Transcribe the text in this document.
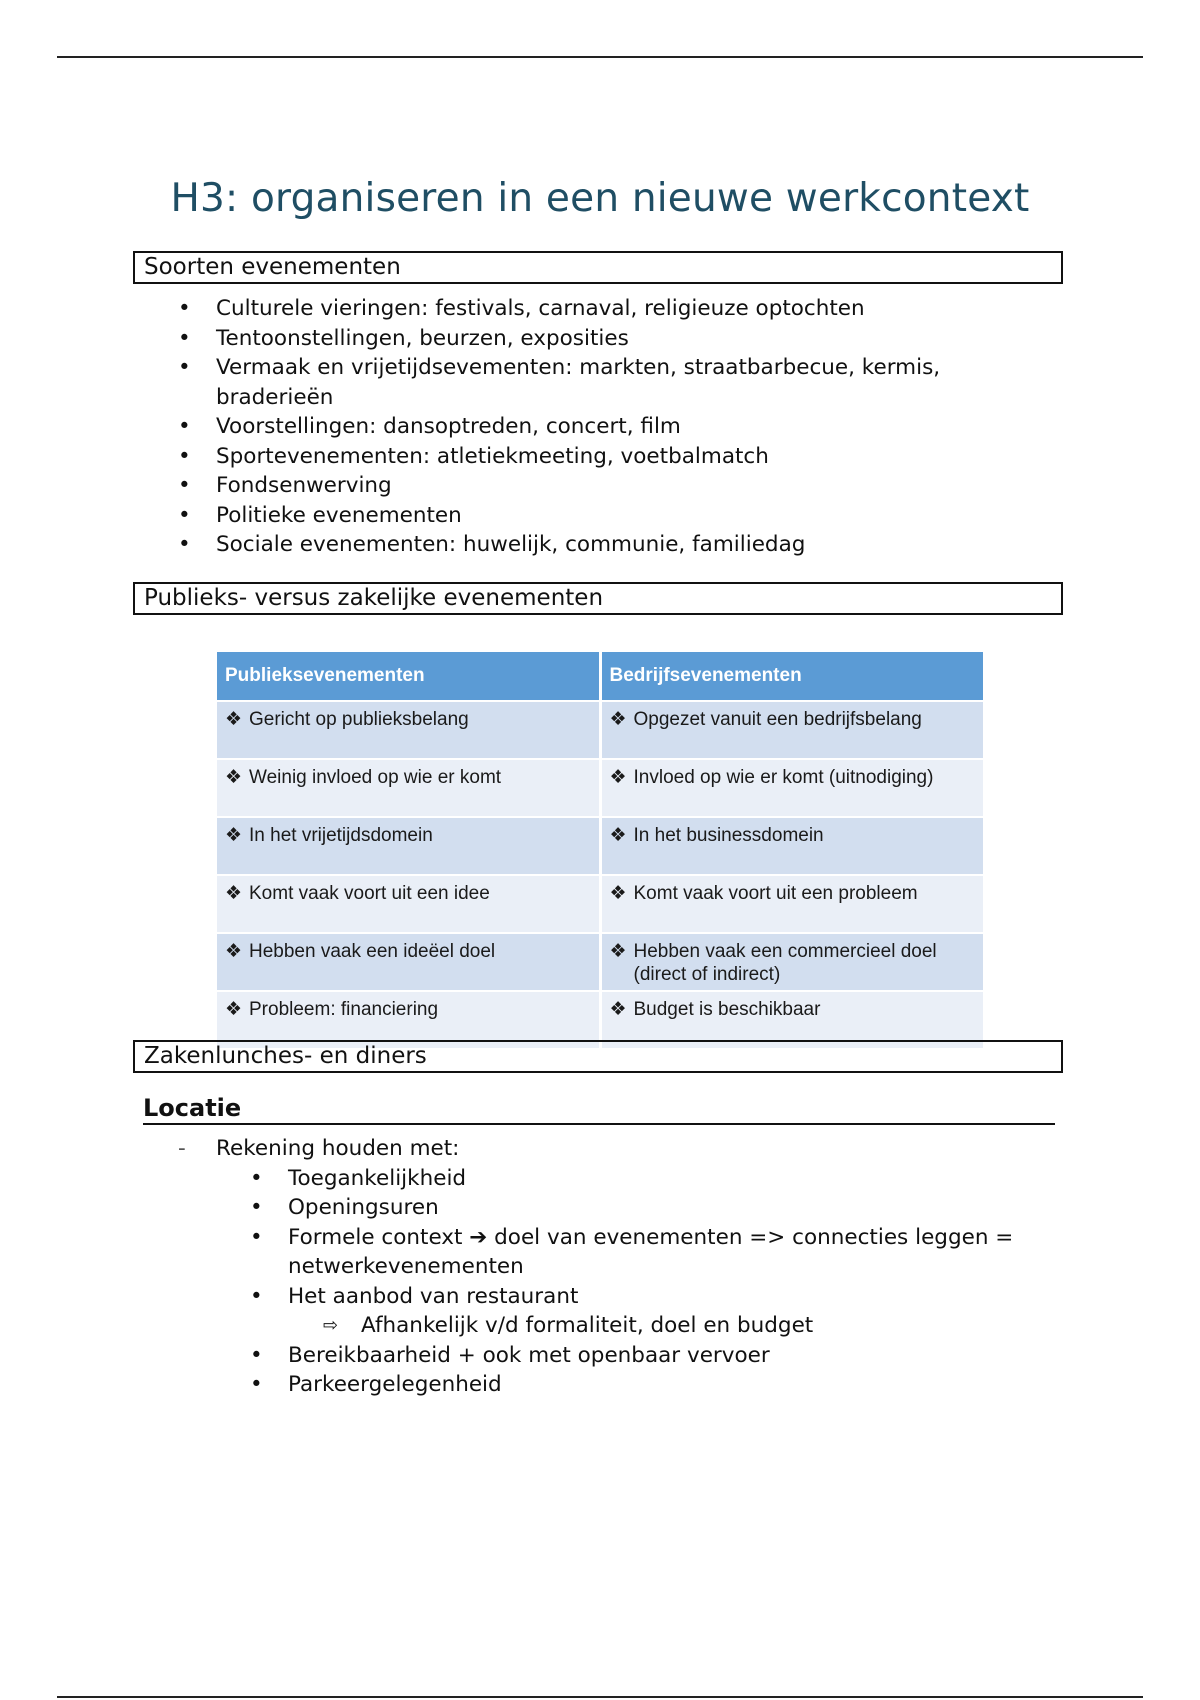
H3: organiseren in een nieuwe werkcontext
Soorten evenementen
•	Culturele vieringen: festivals, carnaval, religieuze optochten
•	Tentoonstellingen, beurzen, exposities
•	Vermaak en vrijetijdsevementen: markten, straatbarbecue, kermis, braderieën
•	Voorstellingen: dansoptreden, concert, film
•	Sportevenementen: atletiekmeeting, voetbalmatch
•	Fondsenwerving
•	Politieke evenementen
•	Sociale evenementen: huwelijk, communie, familiedag
Publieks- versus zakelijke evenementen
Publieksevenementen	Bedrijfsevenementen

❖ Gericht op publieksbelang	❖ Opgezet vanuit een bedrijfsbelang

❖ Weinig invloed op wie er komt	❖ Invloed op wie er komt (uitnodiging)

❖ In het vrijetijdsdomein	❖ In het businessdomein

❖ Komt vaak voort uit een idee	❖ Komt vaak voort uit een probleem

❖ Hebben vaak een ideëel doel	❖ Hebben vaak een commercieel doel (direct of indirect)

❖ Probleem: financiering	❖ Budget is beschikbaar
Zakenlunches- en diners
Locatie
- Rekening houden met:
• Toegankelijkheid
• Openingsuren
• Formele context ➔ doel van evenementen => connecties leggen = netwerkevenementen
• Het aanbod van restaurant
⇨ Afhankelijk v/d formaliteit, doel en budget
• Bereikbaarheid + ook met openbaar vervoer
• Parkeergelegenheid
